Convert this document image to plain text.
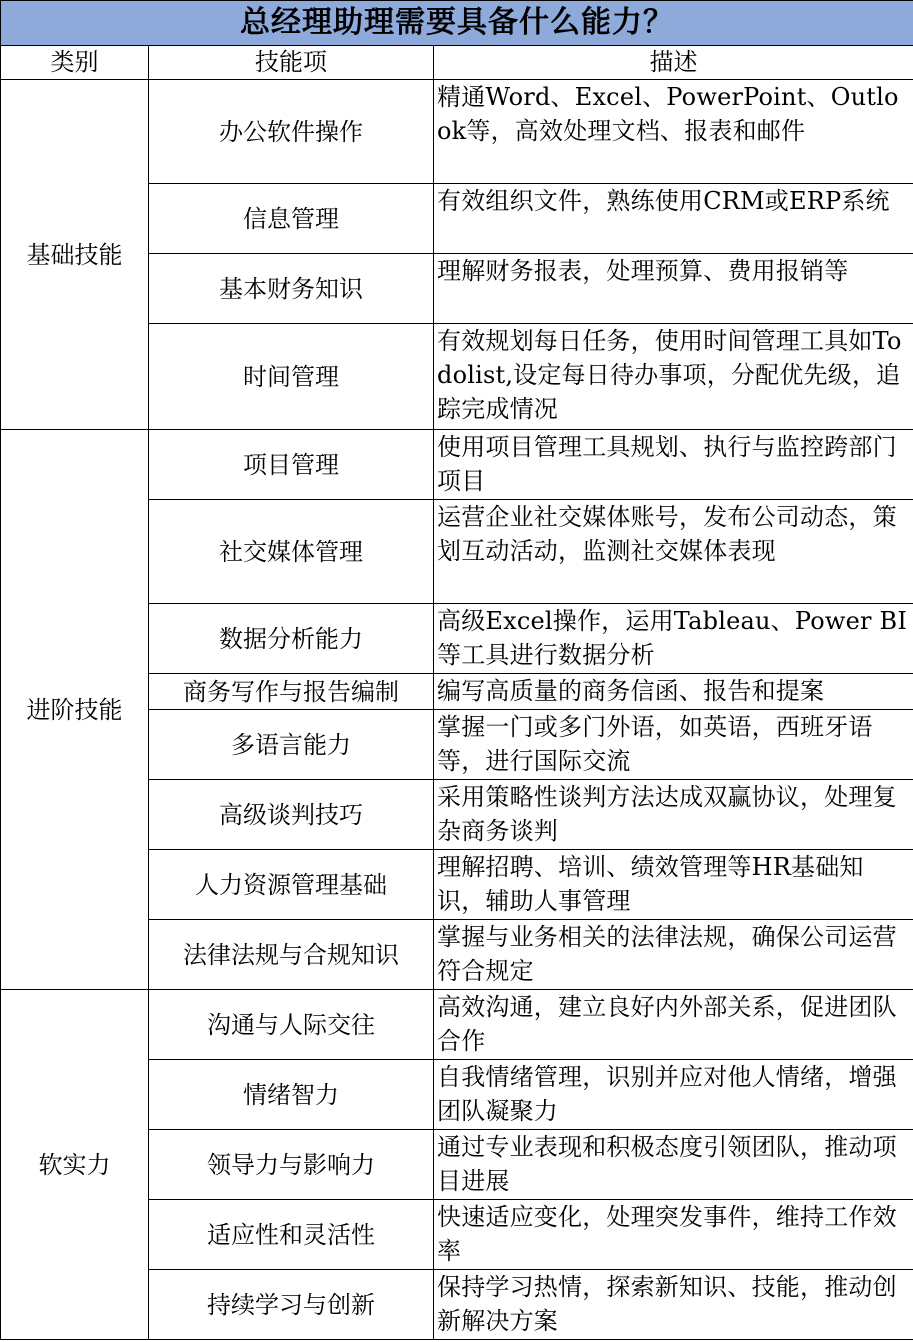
总经理助理需要具备什么能力？		
类别	技能项	描述
基础技能	办公软件操作	精通Word、Excel、PowerPoint、Outlook等，高效处理文档、报表和邮件
	信息管理	有效组织文件，熟练使用CRM或ERP系统
	基本财务知识	理解财务报表，处理预算、费用报销等
	时间管理	有效规划每日任务，使用时间管理工具如Todolist,设定每日待办事项，分配优先级，追踪完成情况
进阶技能	项目管理	使用项目管理工具规划、执行与监控跨部门项目
	社交媒体管理	运营企业社交媒体账号，发布公司动态，策划互动活动，监测社交媒体表现
	数据分析能力	高级Excel操作，运用Tableau、Power BI等工具进行数据分析
	商务写作与报告编制	编写高质量的商务信函、报告和提案
	多语言能力	掌握一门或多门外语，如英语，西班牙语等，进行国际交流
	高级谈判技巧	采用策略性谈判方法达成双赢协议，处理复杂商务谈判
	人力资源管理基础	理解招聘、培训、绩效管理等HR基础知识，辅助人事管理
	法律法规与合规知识	掌握与业务相关的法律法规，确保公司运营符合规定
软实力	沟通与人际交往	高效沟通，建立良好内外部关系，促进团队合作
	情绪智力	自我情绪管理，识别并应对他人情绪，增强团队凝聚力
	领导力与影响力	通过专业表现和积极态度引领团队，推动项目进展
	适应性和灵活性	快速适应变化，处理突发事件，维持工作效率
	持续学习与创新	保持学习热情，探索新知识、技能，推动创新解决方案
